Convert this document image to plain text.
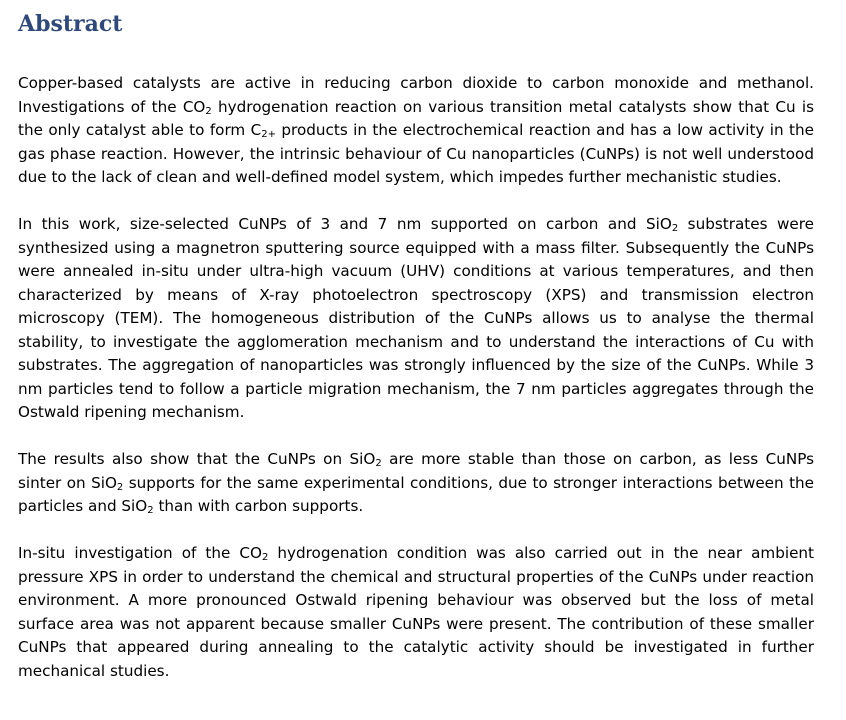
Abstract

Copper-based catalysts are active in reducing carbon dioxide to carbon monoxide and methanol. Investigations of the $CO_2$ hydrogenation reaction on various transition metal catalysts show that Cu is the only catalyst able to form $C_{2+}$ products in the electrochemical reaction and has a low activity in the gas phase reaction. However, the intrinsic behaviour of Cu nanoparticles (CuNPs) is not well understood due to the lack of clean and well-defined model system, which impedes further mechanistic studies.

In this work, size-selected CuNPs of 3 and 7 nm supported on carbon and SiO$_2$ substrates were synthesized using a magnetron sputtering source equipped with a mass filter. Subsequently the CuNPs were annealed in-situ under ultra-high vacuum (UHV) conditions at various temperatures, and then characterized by means of X-ray photoelectron spectroscopy (XPS) and transmission electron microscopy (TEM). The homogeneous distribution of the CuNPs allows us to analyse the thermal stability, to investigate the agglomeration mechanism and to understand the interactions of Cu with substrates. The aggregation of nanoparticles was strongly influenced by the size of the CuNPs. While 3 nm particles tend to follow a particle migration mechanism, the 7 nm particles aggregates through the Ostwald ripening mechanism.

The results also show that the CuNPs on SiO$_2$ are more stable than those on carbon, as less CuNPs sinter on SiO$_2$ supports for the same experimental conditions, due to stronger interactions between the particles and SiO$_2$ than with carbon supports.

In-situ investigation of the $CO_2$ hydrogenation condition was also carried out in the near ambient pressure XPS in order to understand the chemical and structural properties of the CuNPs under reaction environment. A more pronounced Ostwald ripening behaviour was observed but the loss of metal surface area was not apparent because smaller CuNPs were present. The contribution of these smaller CuNPs that appeared during annealing to the catalytic activity should be investigated in further mechanical studies.
